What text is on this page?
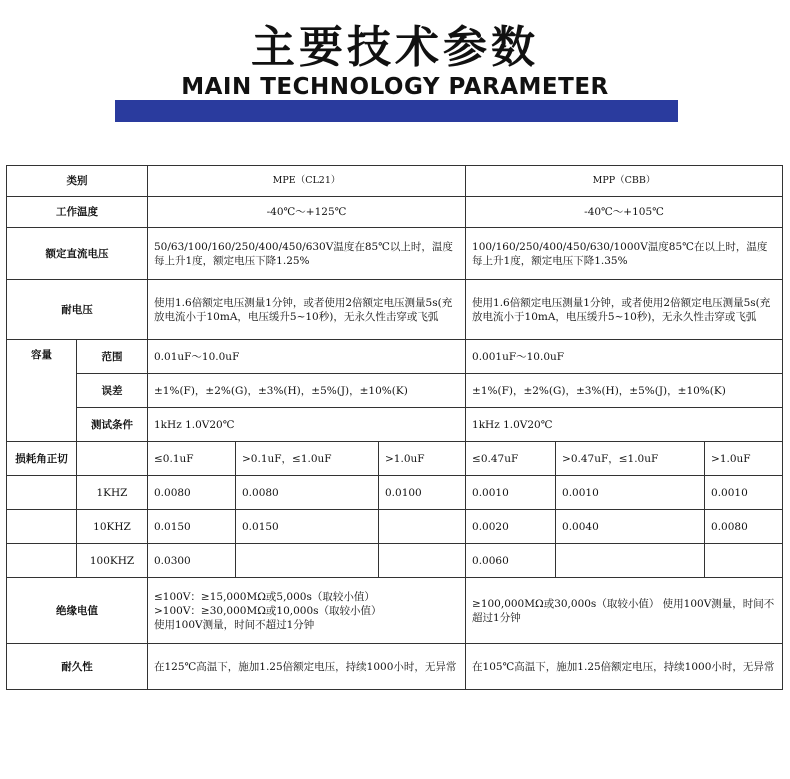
主要技术参数
MAIN TECHNOLOGY PARAMETER
类别		MPE（CL21）			MPP（CBB）		
工作温度		-40℃～+125℃			-40℃～+105℃		
额定直流电压		50/63/100/160/250/400/450/630V温度在85℃以上时，温度每上升1度，额定电压下降1.25%			100/160/250/400/450/630/1000V温度85℃在以上时，温度每上升1度，额定电压下降1.35%		
耐电压		使用1.6倍额定电压测量1分钟，或者使用2倍额定电压测量5s(充放电流小于10mA，电压缓升5~10秒)，无永久性击穿或飞弧			使用1.6倍额定电压测量1分钟，或者使用2倍额定电压测量5s(充放电流小于10mA，电压缓升5~10秒)，无永久性击穿或飞弧		
容量	范围	0.01uF～10.0uF			0.001uF～10.0uF		
	误差	±1%(F)，±2%(G)，±3%(H)，±5%(J)，±10%(K)			±1%(F)，±2%(G)，±3%(H)，±5%(J)，±10%(K)		
	测试条件	1kHz 1.0V20℃			1kHz 1.0V20℃		
损耗角正切		≤0.1uF	>0.1uF，≤1.0uF	>1.0uF	≤0.47uF	>0.47uF，≤1.0uF	>1.0uF
	1KHZ	0.0080	0.0080	0.0100	0.0010	0.0010	0.0010
	10KHZ	0.0150	0.0150		0.0020	0.0040	0.0080
	100KHZ	0.0300			0.0060		
绝缘电值		≤100V：≥15,000MΩ或5,000s（取较小值）
>100V：≥30,000MΩ或10,000s（取较小值）
使用100V测量，时间不超过1分钟			≥100,000MΩ或30,000s（取较小值） 使用100V测量，时间不超过1分钟		
耐久性		在125℃高温下，施加1.25倍额定电压，持续1000小时，无异常			在105℃高温下，施加1.25倍额定电压，持续1000小时，无异常		
